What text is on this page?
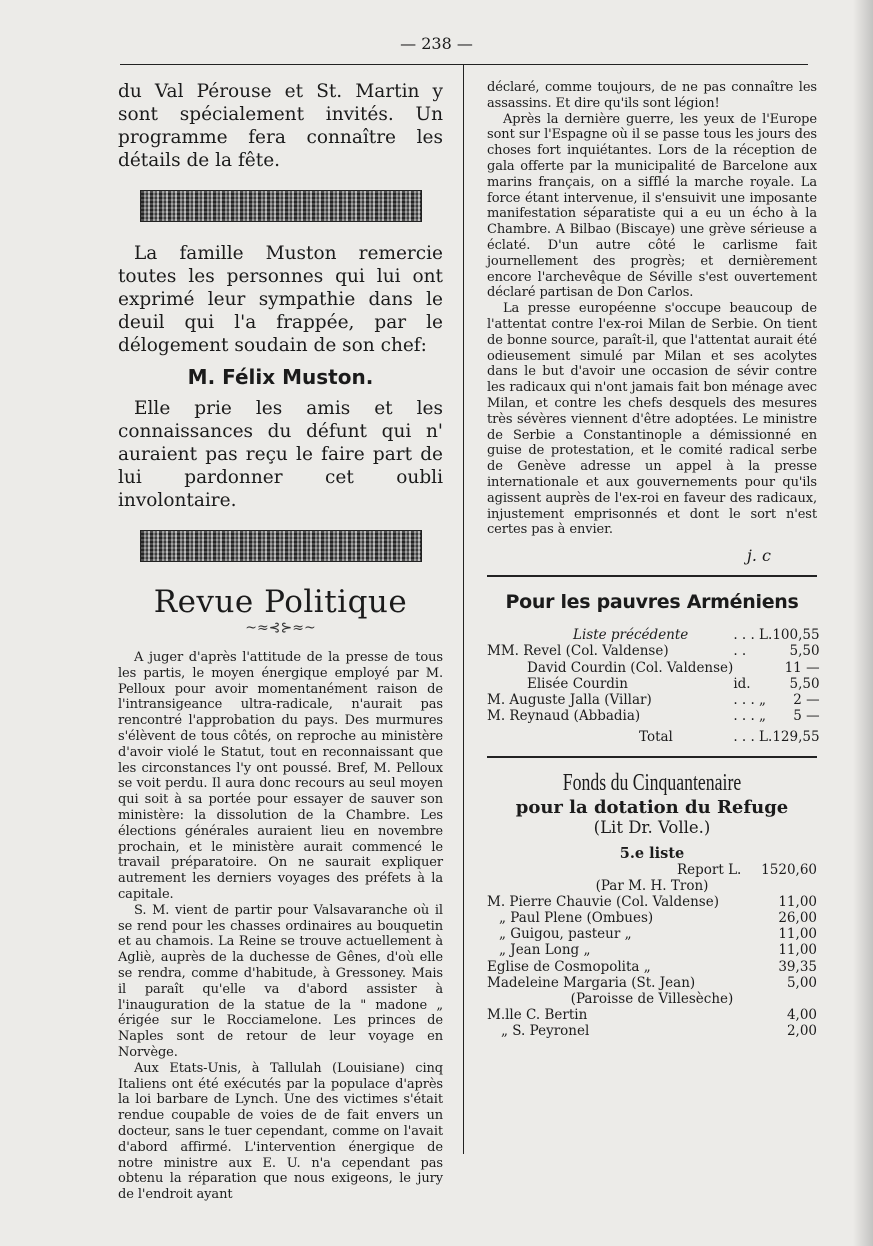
— 238 —

du Val Pérouse et St. Martin y sont spécialement invités. Un programme fera connaître les détails de la fête.

La famille Muston remercie toutes les personnes qui lui ont exprimé leur sympathie dans le deuil qui l'a frappée, par le délogement soudain de son chef:

M. Félix Muston.

Elle prie les amis et les connaissances du défunt qui n' auraient pas reçu le faire part de lui pardonner cet oubli involontaire.

Revue Politique

~≈⊰⊱≈~

A juger d'après l'attitude de la presse de tous les partis, le moyen énergique employé par M. Pelloux pour avoir momentanément raison de l'intransigeance ultra-radicale, n'aurait pas rencontré l'approbation du pays. Des murmures s'élèvent de tous côtés, on reproche au ministère d'avoir violé le Statut, tout en reconnaissant que les circonstances l'y ont poussé. Bref, M. Pelloux se voit perdu. Il aura donc recours au seul moyen qui soit à sa portée pour essayer de sauver son ministère: la dissolution de la Chambre. Les élections générales auraient lieu en novembre prochain, et le ministère aurait commencé le travail préparatoire. On ne saurait expliquer autrement les derniers voyages des préfets à la capitale.

S. M. vient de partir pour Valsavaranche où il se rend pour les chasses ordinaires au bouquetin et au chamois. La Reine se trouve actuellement à Agliè, auprès de la duchesse de Gênes, d'où elle se rendra, comme d'habitude, à Gressoney. Mais il paraît qu'elle va d'abord assister à l'inauguration de la statue de la " madone „ érigée sur le Rocciamelone. Les princes de Naples sont de retour de leur voyage en Norvège.

Aux Etats-Unis, à Tallulah (Louisiane) cinq Italiens ont été exécutés par la populace d'après la loi barbare de Lynch. Une des victimes s'était rendue coupable de voies de de fait envers un docteur, sans le tuer cependant, comme on l'avait d'abord affirmé. L'intervention énergique de notre ministre aux E. U. n'a cependant pas obtenu la réparation que nous exigeons, le jury de l'endroit ayant

déclaré, comme toujours, de ne pas connaître les assassins. Et dire qu'ils sont légion!

Après la dernière guerre, les yeux de l'Europe sont sur l'Espagne où il se passe tous les jours des choses fort inquiétantes. Lors de la réception de gala offerte par la municipalité de Barcelone aux marins français, on a sifflé la marche royale. La force étant intervenue, il s'ensuivit une imposante manifestation séparatiste qui a eu un écho à la Chambre. A Bilbao (Biscaye) une grève sérieuse a éclaté. D'un autre côté le carlisme fait journellement des progrès; et dernièrement encore l'archevêque de Séville s'est ouvertement déclaré partisan de Don Carlos.

La presse européenne s'occupe beaucoup de l'attentat contre l'ex-roi Milan de Serbie. On tient de bonne source, paraît-il, que l'attentat aurait été odieusement simulé par Milan et ses acolytes dans le but d'avoir une occasion de sévir contre les radicaux qui n'ont jamais fait bon ménage avec Milan, et contre les chefs desquels des mesures très sévères viennent d'être adoptées. Le ministre de Serbie a Constantinople a démissionné en guise de protestation, et le comité radical serbe de Genève adresse un appel à la presse internationale et aux gouvernements pour qu'ils agissent auprès de l'ex-roi en faveur des radicaux, injustement emprisonnés et dont le sort n'est certes pas à envier.

j. c

Pour les pauvres Arméniens

Liste précédente	. . . L.	100,55
MM. Revel (Col. Valdense)	. .	5,50
David Courdin (Col. Valdense)		11 —
Elisée Courdin	id.	5,50
M. Auguste Jalla (Villar)	. . . „	2 —
M. Reynaud (Abbadia)	. . . „	5 —
Total	. . . L.	129,55

Fonds du Cinquantenaire

pour la dotation du Refuge

(Lit Dr. Volle.)

5.e liste

Report L.	1520,60

(Par M. H. Tron)

M. Pierre Chauvie (Col. Valdense)	11,00
„ Paul Plene (Ombues)	26,00
„ Guigou, pasteur „	11,00
„ Jean Long „	11,00
Eglise de Cosmopolita „	39,35
Madeleine Margaria (St. Jean)	5,00

(Paroisse de Villesèche)

M.lle C. Bertin	4,00
„ S. Peyronel	2,00
